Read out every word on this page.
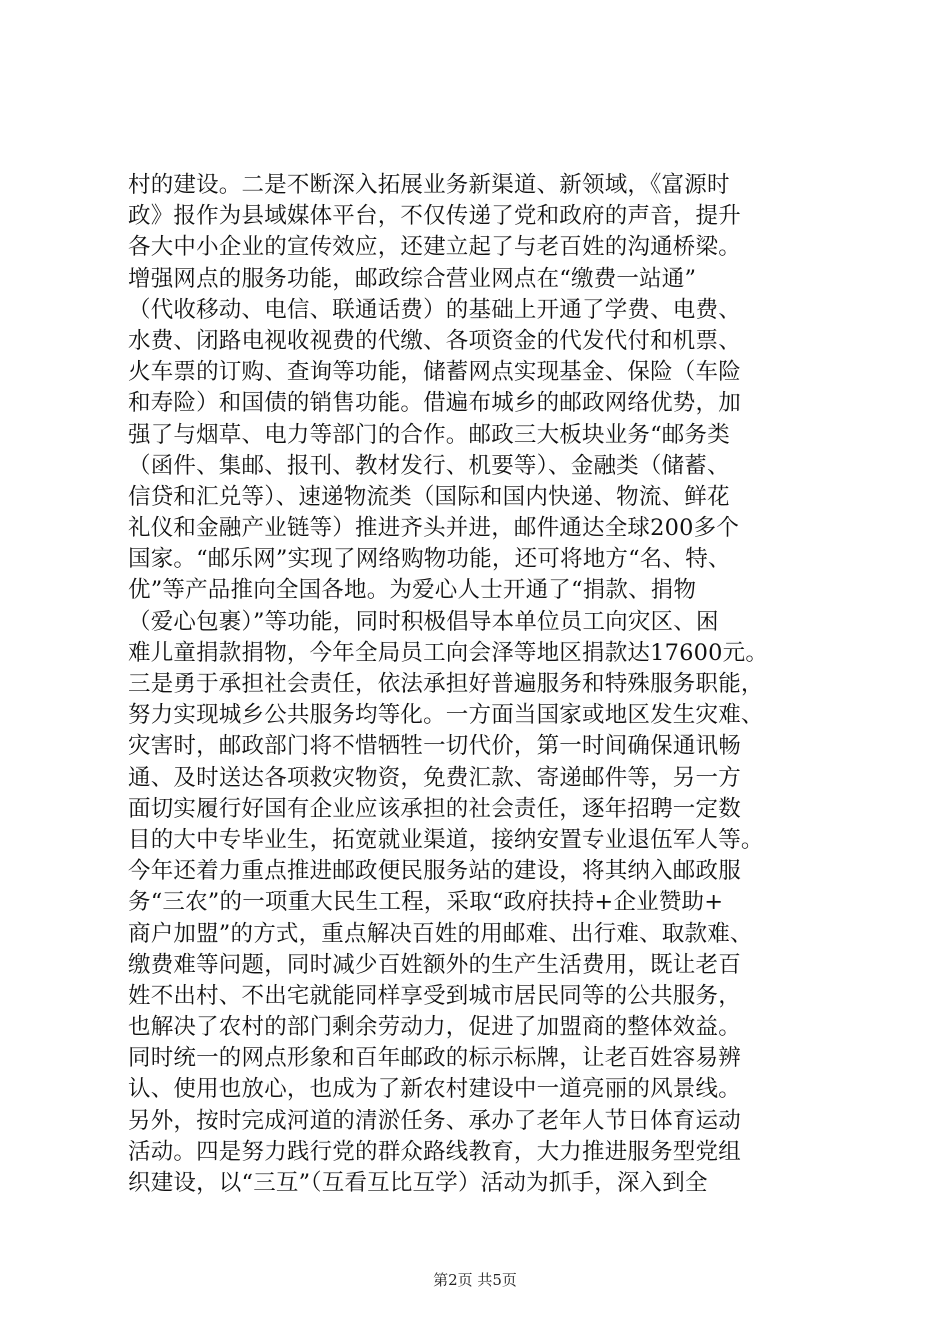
村的建设。二是不断深入拓展业务新渠道、新领域，《富源时
政》报作为县域媒体平台，不仅传递了党和政府的声音，提升
各大中小企业的宣传效应，还建立起了与老百姓的沟通桥梁。
增强网点的服务功能，邮政综合营业网点在“缴费一站通”
（代收移动、电信、联通话费）的基础上开通了学费、电费、
水费、闭路电视收视费的代缴、各项资金的代发代付和机票、
火车票的订购、查询等功能，储蓄网点实现基金、保险（车险
和寿险）和国债的销售功能。借遍布城乡的邮政网络优势，加
强了与烟草、电力等部门的合作。邮政三大板块业务“邮务类
（函件、集邮、报刊、教材发行、机要等）、金融类（储蓄、
信贷和汇兑等）、速递物流类（国际和国内快递、物流、鲜花
礼仪和金融产业链等）推进齐头并进，邮件通达全球200多个
国家。“邮乐网”实现了网络购物功能，还可将地方“名、特、
优”等产品推向全国各地。为爱心人士开通了“捐款、捐物
（爱心包裹）”等功能，同时积极倡导本单位员工向灾区、困
难儿童捐款捐物，今年全局员工向会泽等地区捐款达17600元。
三是勇于承担社会责任，依法承担好普遍服务和特殊服务职能，
努力实现城乡公共服务均等化。一方面当国家或地区发生灾难、
灾害时，邮政部门将不惜牺牲一切代价，第一时间确保通讯畅
通、及时送达各项救灾物资，免费汇款、寄递邮件等，另一方
面切实履行好国有企业应该承担的社会责任，逐年招聘一定数
目的大中专毕业生，拓宽就业渠道，接纳安置专业退伍军人等。
今年还着力重点推进邮政便民服务站的建设，将其纳入邮政服
务“三农”的一项重大民生工程，采取“政府扶持+企业赞助+
商户加盟”的方式，重点解决百姓的用邮难、出行难、取款难、
缴费难等问题，同时减少百姓额外的生产生活费用，既让老百
姓不出村、不出宅就能同样享受到城市居民同等的公共服务，
也解决了农村的部门剩余劳动力，促进了加盟商的整体效益。
同时统一的网点形象和百年邮政的标示标牌，让老百姓容易辨
认、使用也放心，也成为了新农村建设中一道亮丽的风景线。
另外，按时完成河道的清淤任务、承办了老年人节日体育运动
活动。四是努力践行党的群众路线教育，大力推进服务型党组
织建设，以“三互”（互看互比互学）活动为抓手，深入到全
第2页 共5页
